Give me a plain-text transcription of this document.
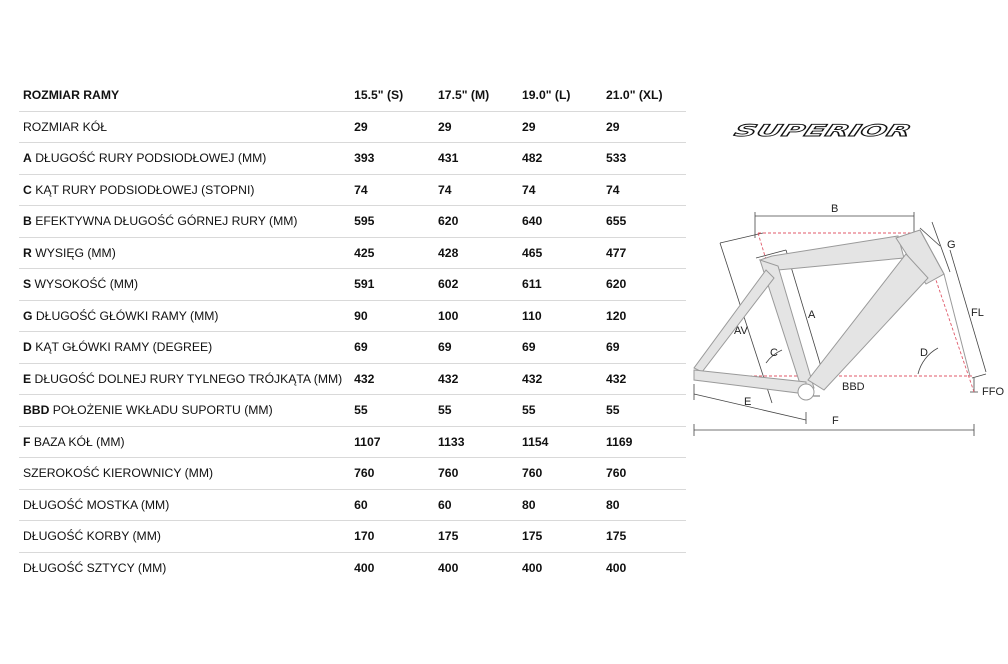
ROZMIAR RAMY	15.5" (S)	17.5" (M)	19.0" (L)	21.0" (XL)
ROZMIAR KÓŁ	29	29	29	29
A DŁUGOŚĆ RURY PODSIODŁOWEJ (MM)	393	431	482	533
C KĄT RURY PODSIODŁOWEJ (STOPNI)	74	74	74	74
B EFEKTYWNA DŁUGOŚĆ GÓRNEJ RURY (MM)	595	620	640	655
R WYSIĘG (MM)	425	428	465	477
S WYSOKOŚĆ (MM)	591	602	611	620
G DŁUGOŚĆ GŁÓWKI RAMY (MM)	90	100	110	120
D KĄT GŁÓWKI RAMY (DEGREE)	69	69	69	69
E DŁUGOŚĆ DOLNEJ RURY TYLNEGO TRÓJKĄTA (MM)	432	432	432	432
BBD POŁOŻENIE WKŁADU SUPORTU (MM)	55	55	55	55
F BAZA KÓŁ (MM)	1107	1133	1154	1169
SZEROKOŚĆ KIEROWNICY (MM)	760	760	760	760
DŁUGOŚĆ MOSTKA (MM)	60	60	80	80
DŁUGOŚĆ KORBY (MM)	170	175	175	175
DŁUGOŚĆ SZTYCY (MM)	400	400	400	400
SUPERIOR
B
G
FL
A
AV
C	D
BBD	FFO
E
F
